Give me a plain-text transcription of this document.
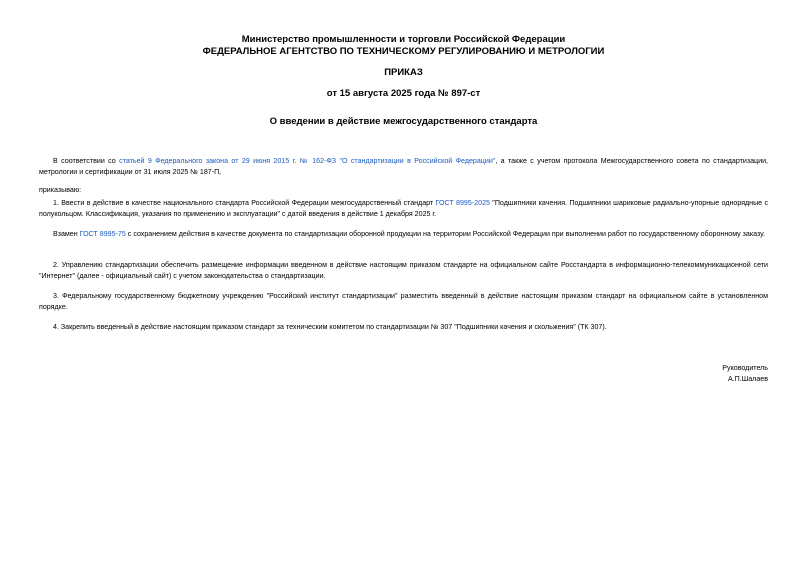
Министерство промышленности и торговли Российской Федерации
ФЕДЕРАЛЬНОЕ АГЕНТСТВО ПО ТЕХНИЧЕСКОМУ РЕГУЛИРОВАНИЮ И МЕТРОЛОГИИ
ПРИКАЗ
от 15 августа 2025 года № 897-ст
О введении в действие межгосударственного стандарта
В соответствии со статьей 9 Федерального закона от 29 июня 2015 г. № 162-ФЗ "О стандартизации в Российской Федерации", а также с учетом протокола Межгосударственного совета по стандартизации, метрологии и сертификации от 31 июля 2025 № 187-П,
приказываю:
1. Ввести в действие в качестве национального стандарта Российской Федерации межгосударственный стандарт ГОСТ 8995-2025 "Подшипники качения. Подшипники шариковые радиально-упорные однорядные с полукольцом. Классификация, указания по применению и эксплуатации" с датой введения в действие 1 декабря 2025 г.
Взамен ГОСТ 8995-75 с сохранением действия в качестве документа по стандартизации оборонной продукции на территории Российской Федерации при выполнении работ по государственному оборонному заказу.
2. Управлению стандартизации обеспечить размещение информации введенном в действие настоящим приказом стандарте на официальном сайте Росстандарта в информационно-телекоммуникационной сети "Интернет" (далее - официальный сайт) с учетом законодательства о стандартизации.
3. Федеральному государственному бюджетному учреждению "Российский институт стандартизации" разместить введенный в действие настоящим приказом стандарт на официальном сайте в установленном порядке.
4. Закрепить введенный в действие настоящим приказом стандарт за техническим комитетом по стандартизации № 307 "Подшипники качения и скольжения" (ТК 307).
Руководитель
А.П.Шалаев
